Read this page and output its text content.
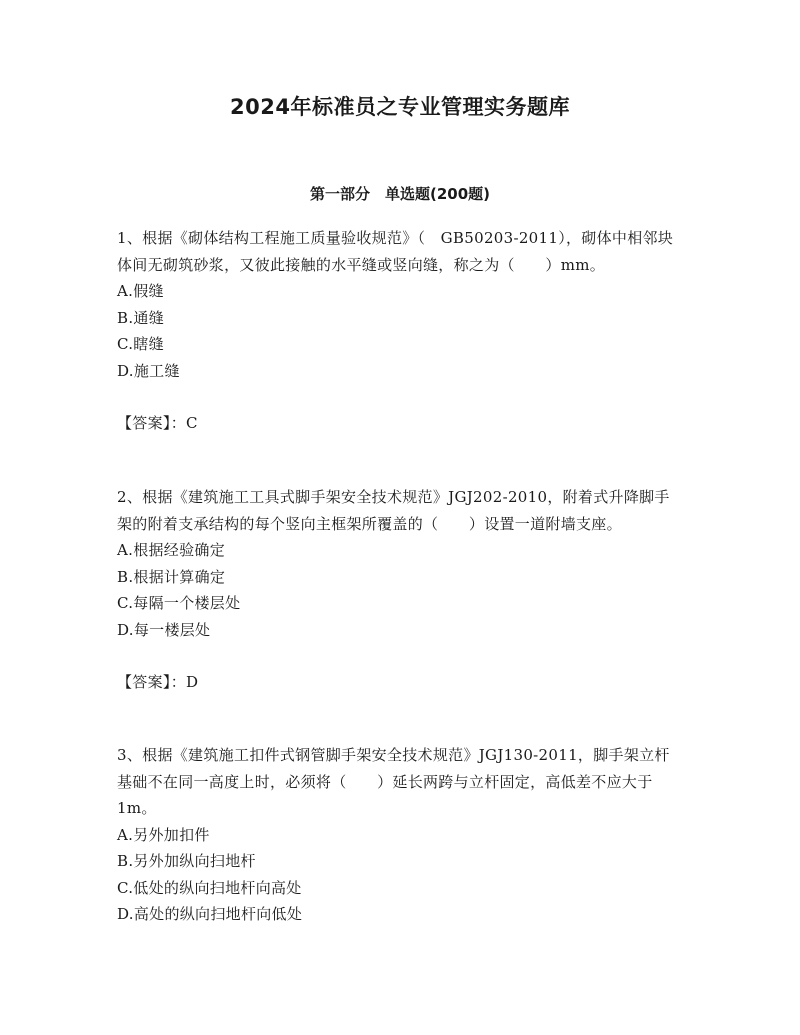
2024年标准员之专业管理实务题库
第一部分　单选题(200题)

1、根据《砌体结构工程施工质量验收规范》（　GB50203-2011），砌体中相邻块体间无砌筑砂浆，又彼此接触的水平缝或竖向缝，称之为（　　）mm。

A.假缝

B.通缝

C.瞎缝

D.施工缝

【答案】：C

2、根据《建筑施工工具式脚手架安全技术规范》JGJ202-2010，附着式升降脚手架的附着支承结构的每个竖向主框架所覆盖的（　　）设置一道附墙支座。

A.根据经验确定

B.根据计算确定

C.每隔一个楼层处

D.每一楼层处

【答案】：D

3、根据《建筑施工扣件式钢管脚手架安全技术规范》JGJ130-2011，脚手架立杆基础不在同一高度上时，必须将（　　）延长两跨与立杆固定，高低差不应大于1m。

A.另外加扣件

B.另外加纵向扫地杆

C.低处的纵向扫地杆向高处

D.高处的纵向扫地杆向低处
